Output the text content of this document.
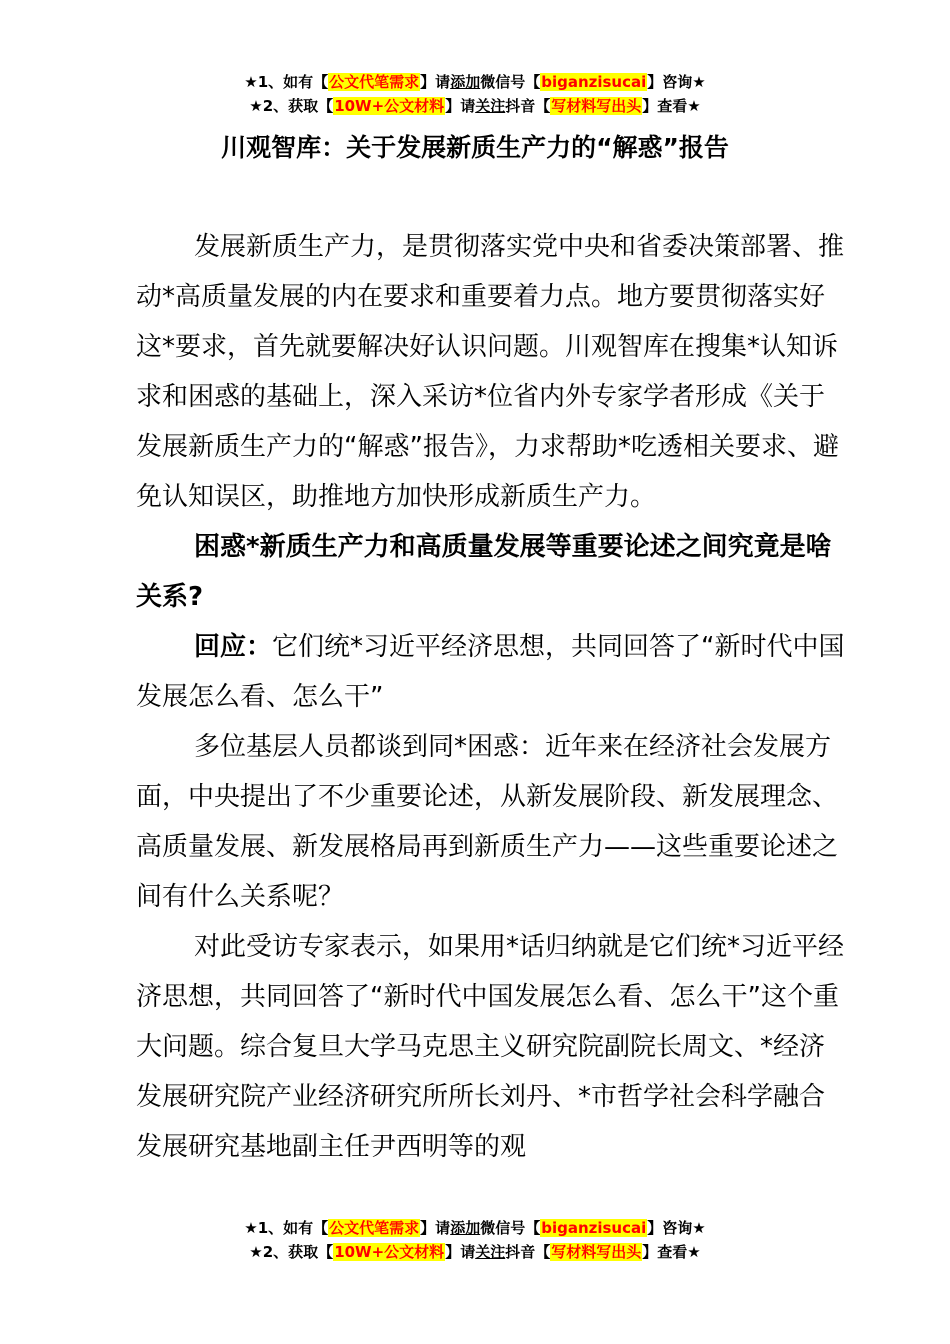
★1、如有【公文代笔需求】请添加微信号【biganzisucai】咨询★
★2、获取【10W+公文材料】请关注抖音【写材料写出头】查看★
川观智库：关于发展新质生产力的“解惑”报告

发展新质生产力，是贯彻落实党中央和省委决策部署、推动*高质量发展的内在要求和重要着力点。地方要贯彻落实好这*要求，首先就要解决好认识问题。川观智库在搜集*认知诉求和困惑的基础上，深入采访*位省内外专家学者形成《关于发展新质生产力的“解惑”报告》，力求帮助*吃透相关要求、避免认知误区，助推地方加快形成新质生产力。

困惑*新质生产力和高质量发展等重要论述之间究竟是啥关系?

回应：它们统*习近平经济思想，共同回答了“新时代中国发展怎么看、怎么干”

多位基层人员都谈到同*困惑：近年来在经济社会发展方面，中央提出了不少重要论述，从新发展阶段、新发展理念、高质量发展、新发展格局再到新质生产力——这些重要论述之间有什么关系呢？

对此受访专家表示，如果用*话归纳就是它们统*习近平经济思想，共同回答了“新时代中国发展怎么看、怎么干”这个重大问题。综合复旦大学马克思主义研究院副院长周文、*经济发展研究院产业经济研究所所长刘丹、*市哲学社会科学融合发展研究基地副主任尹西明等的观

★1、如有【公文代笔需求】请添加微信号【biganzisucai】咨询★
★2、获取【10W+公文材料】请关注抖音【写材料写出头】查看★
